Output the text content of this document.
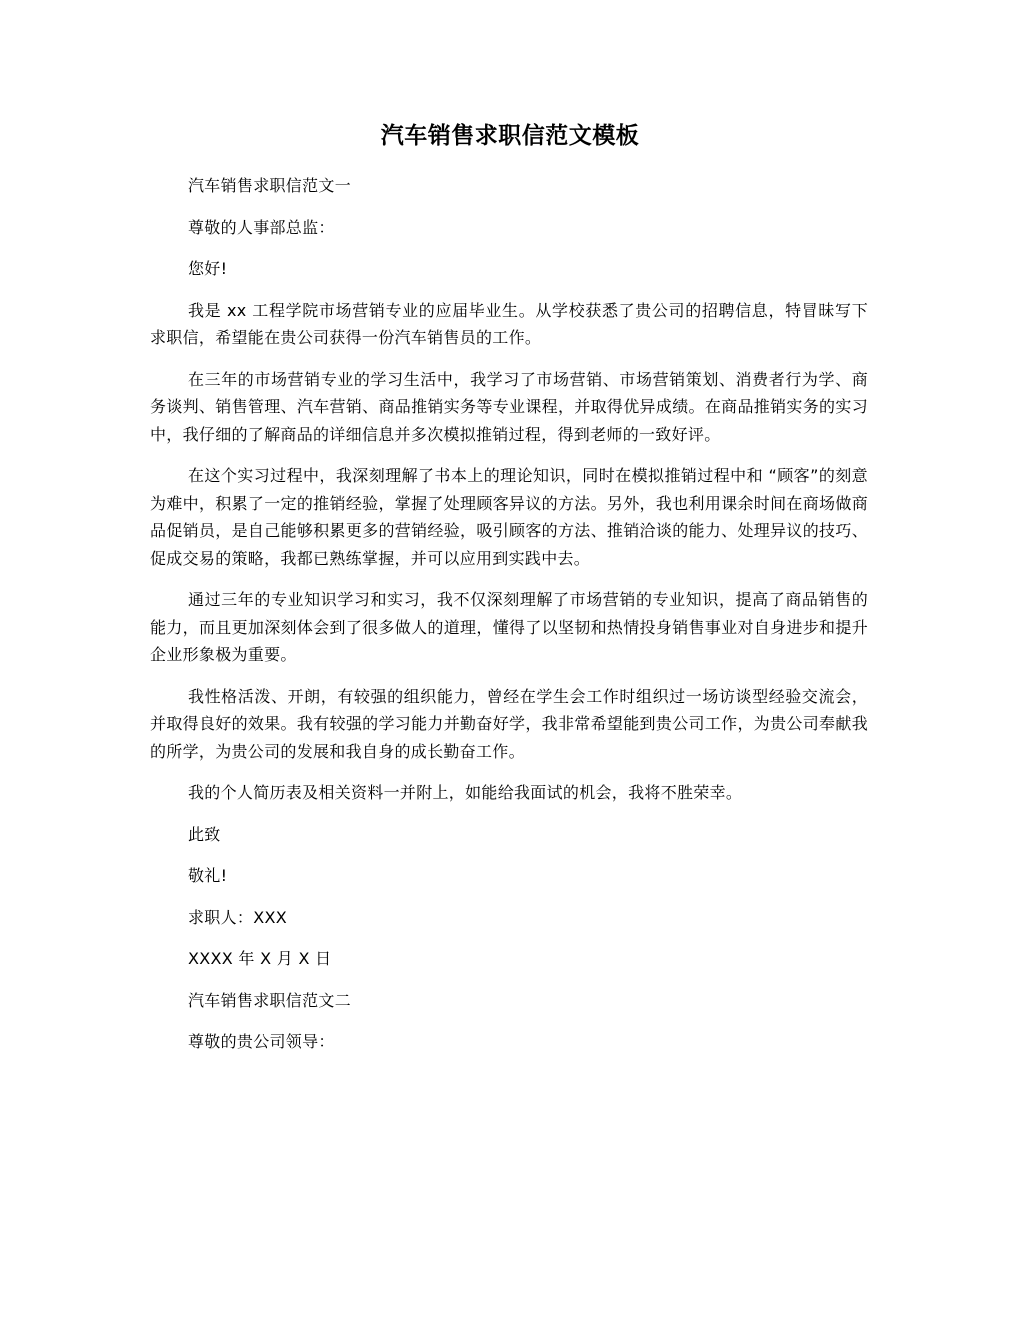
汽车销售求职信范文模板

汽车销售求职信范文一

尊敬的人事部总监：

您好!

我是 xx 工程学院市场营销专业的应届毕业生。从学校获悉了贵公司的招聘信息，特冒昧写下求职信，希望能在贵公司获得一份汽车销售员的工作。

在三年的市场营销专业的学习生活中，我学习了市场营销、市场营销策划、消费者行为学、商务谈判、销售管理、汽车营销、商品推销实务等专业课程，并取得优异成绩。在商品推销实务的实习中，我仔细的了解商品的详细信息并多次模拟推销过程，得到老师的一致好评。

在这个实习过程中，我深刻理解了书本上的理论知识，同时在模拟推销过程中和 “顾客”的刻意为难中，积累了一定的推销经验，掌握了处理顾客异议的方法。另外，我也利用课余时间在商场做商品促销员，是自己能够积累更多的营销经验，吸引顾客的方法、推销洽谈的能力、处理异议的技巧、促成交易的策略，我都已熟练掌握，并可以应用到实践中去。

通过三年的专业知识学习和实习，我不仅深刻理解了市场营销的专业知识，提高了商品销售的能力，而且更加深刻体会到了很多做人的道理，懂得了以坚韧和热情投身销售事业对自身进步和提升企业形象极为重要。

我性格活泼、开朗，有较强的组织能力，曾经在学生会工作时组织过一场访谈型经验交流会，并取得良好的效果。我有较强的学习能力并勤奋好学，我非常希望能到贵公司工作，为贵公司奉献我的所学，为贵公司的发展和我自身的成长勤奋工作。

我的个人简历表及相关资料一并附上，如能给我面试的机会，我将不胜荣幸。

此致

敬礼!

求职人：XXX

XXXX 年 X 月 X 日

汽车销售求职信范文二

尊敬的贵公司领导：
